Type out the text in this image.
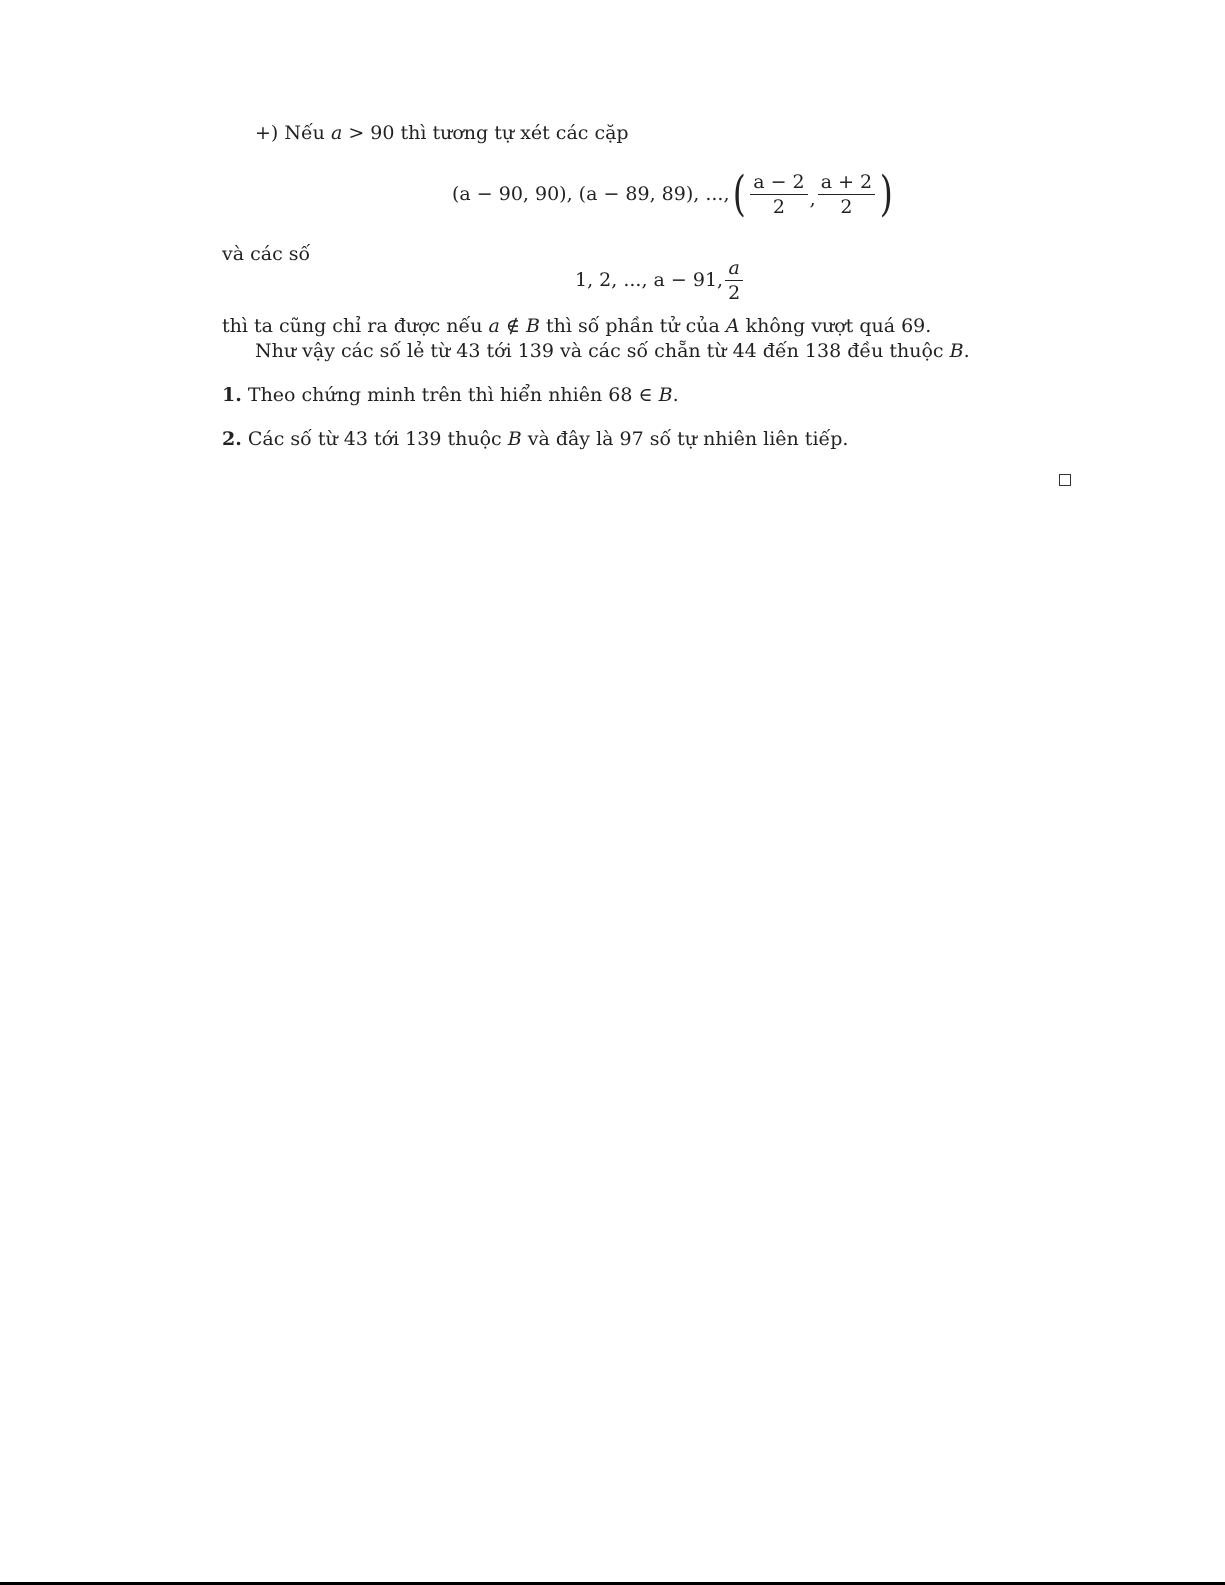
+) Nếu a > 90 thì tương tự xét các cặp
(a − 90, 90), (a − 89, 89), ..., ( $\frac{a - 2}{2}$ , $\frac{a + 2}{2}$ )
và các số
1, 2, ..., a − 91, $\frac{a}{2}$
thì ta cũng chỉ ra được nếu a ∉ B thì số phần tử của A không vượt quá 69.
Như vậy các số lẻ từ 43 tới 139 và các số chẵn từ 44 đến 138 đều thuộc B.
1. Theo chứng minh trên thì hiển nhiên 68 ∈ B.
2. Các số từ 43 tới 139 thuộc B và đây là 97 số tự nhiên liên tiếp.
